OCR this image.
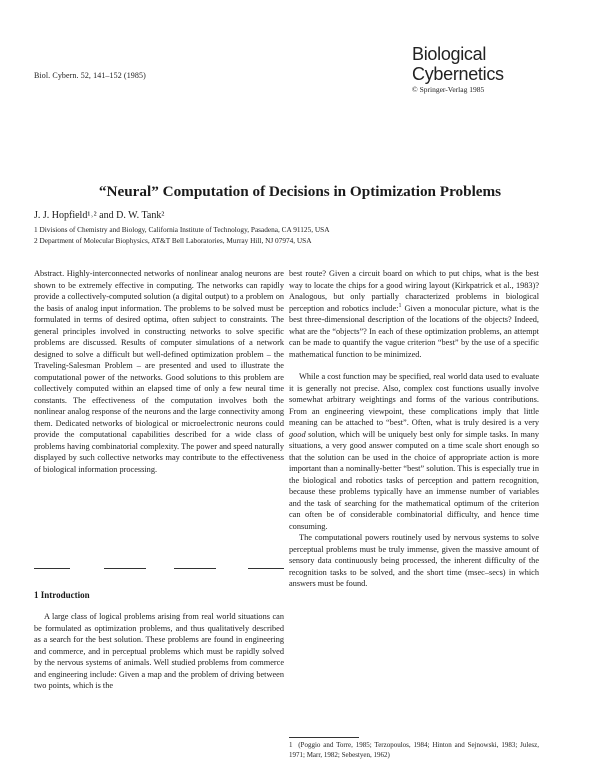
Biol. Cybern. 52, 141–152 (1985)
Biological
Cybernetics
© Springer-Verlag 1985
“Neural” Computation of Decisions in Optimization Problems
J. J. Hopfield¹˒² and D. W. Tank²
1 Divisions of Chemistry and Biology, California Institute of Technology, Pasadena, CA 91125, USA
2 Department of Molecular Biophysics, AT&T Bell Laboratories, Murray Hill, NJ 07974, USA

Abstract. Highly-interconnected networks of nonlinear analog neurons are shown to be extremely effective in computing. The networks can rapidly provide a collectively-computed solution (a digital output) to a problem on the basis of analog input information. The problems to be solved must be formulated in terms of desired optima, often subject to constraints. The general principles involved in constructing networks to solve specific problems are discussed. Results of computer simulations of a network designed to solve a difficult but well-defined optimization problem – the Traveling-Salesman Problem – are presented and used to illustrate the computational power of the networks. Good solutions to this problem are collectively computed within an elapsed time of only a few neural time constants. The effectiveness of the computation involves both the nonlinear analog response of the neurons and the large connectivity among them. Dedicated networks of biological or microelectronic neurons could provide the computational capabilities described for a wide class of problems having combinatorial complexity. The power and speed naturally displayed by such collective networks may contribute to the effectiveness of biological information processing.

1 Introduction

A large class of logical problems arising from real world situations can be formulated as optimization problems, and thus qualitatively described as a search for the best solution. These problems are found in engineering and commerce, and in perceptual problems which must be rapidly solved by the nervous systems of animals. Well studied problems from commerce and engineering include: Given a map and the problem of driving between two points, which is the

best route? Given a circuit board on which to put chips, what is the best way to locate the chips for a good wiring layout (Kirkpatrick et al., 1983)? Analogous, but only partially characterized problems in biological perception and robotics include:$^1$ Given a monocular picture, what is the best three-dimensional description of the locations of the objects? Indeed, what are the “objects”? In each of these optimization problems, an attempt can be made to quantify the vague criterion “best” by the use of a specific mathematical function to be minimized.

While a cost function may be specified, real world data used to evaluate it is generally not precise. Also, complex cost functions usually involve somewhat arbitrary weightings and forms of the various contributions. From an engineering viewpoint, these complications imply that little meaning can be attached to “best”. Often, what is truly desired is a very good solution, which will be uniquely best only for simple tasks. In many situations, a very good answer computed on a time scale short enough so that the solution can be used in the choice of appropriate action is more important than a nominally-better “best” solution. This is especially true in the biological and robotics tasks of perception and pattern recognition, because these problems typically have an immense number of variables and the task of searching for the mathematical optimum of the criterion can often be of considerable combinatorial difficulty, and hence time consuming.

The computational powers routinely used by nervous systems to solve perceptual problems must be truly immense, given the massive amount of sensory data continuously being processed, the inherent difficulty of the recognition tasks to be solved, and the short time (msec–secs) in which answers must be found.

1 (Poggio and Torre, 1985; Terzopoulos, 1984; Hinton and Sejnowski, 1983; Julesz, 1971; Marr, 1982; Sebestyen, 1962)
